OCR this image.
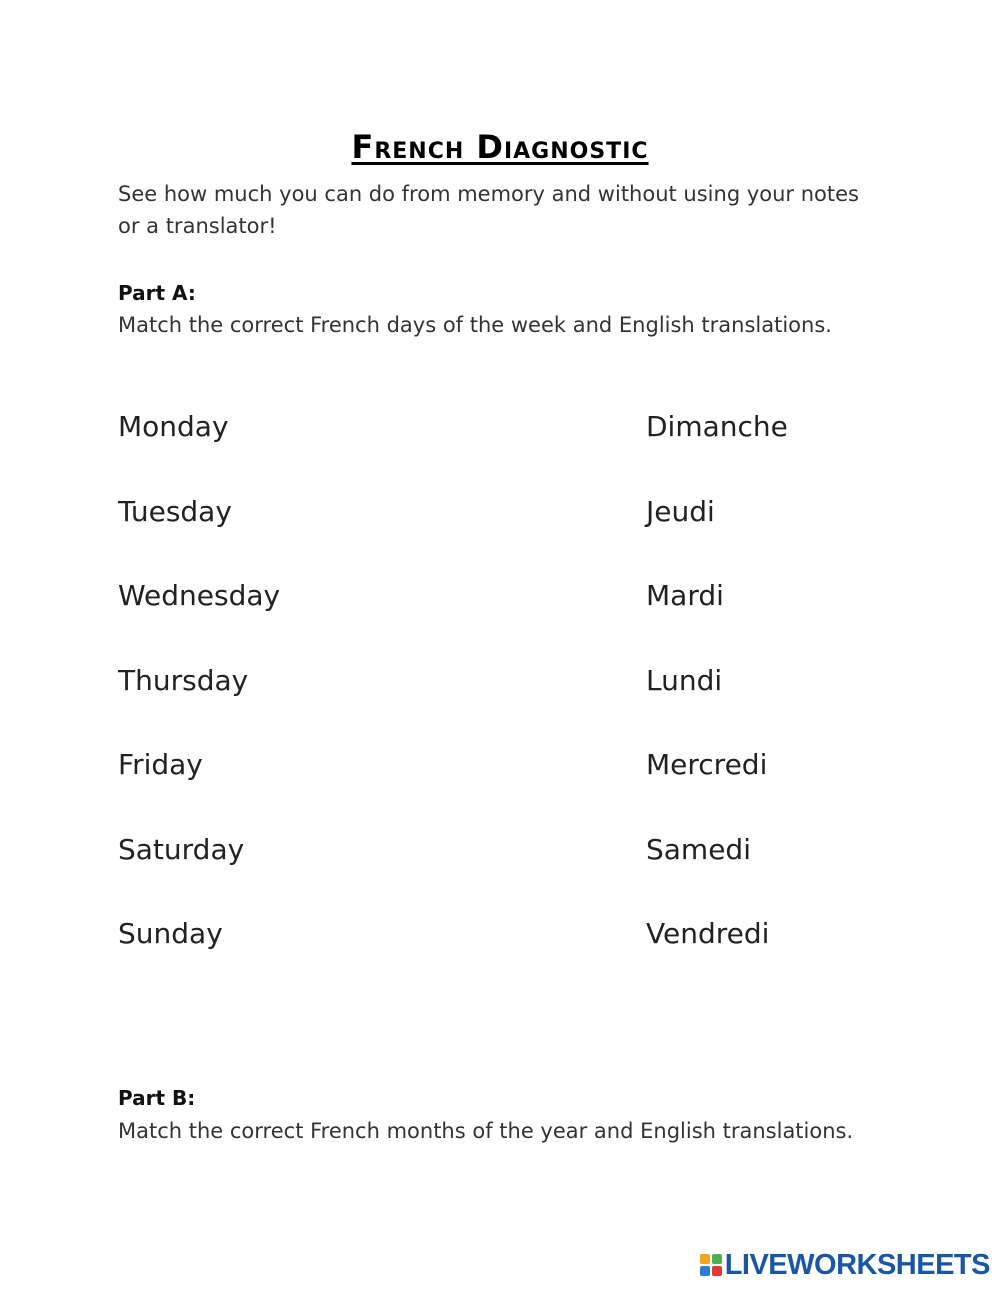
French Diagnostic
See how much you can do from memory and without using your notes or a translator!
Part A:
Match the correct French days of the week and English translations.
Monday
Tuesday
Wednesday
Thursday
Friday
Saturday
Sunday
Dimanche
Jeudi
Mardi
Lundi
Mercredi
Samedi
Vendredi
Part B:
Match the correct French months of the year and English translations.
LIVEWORKSHEETS
